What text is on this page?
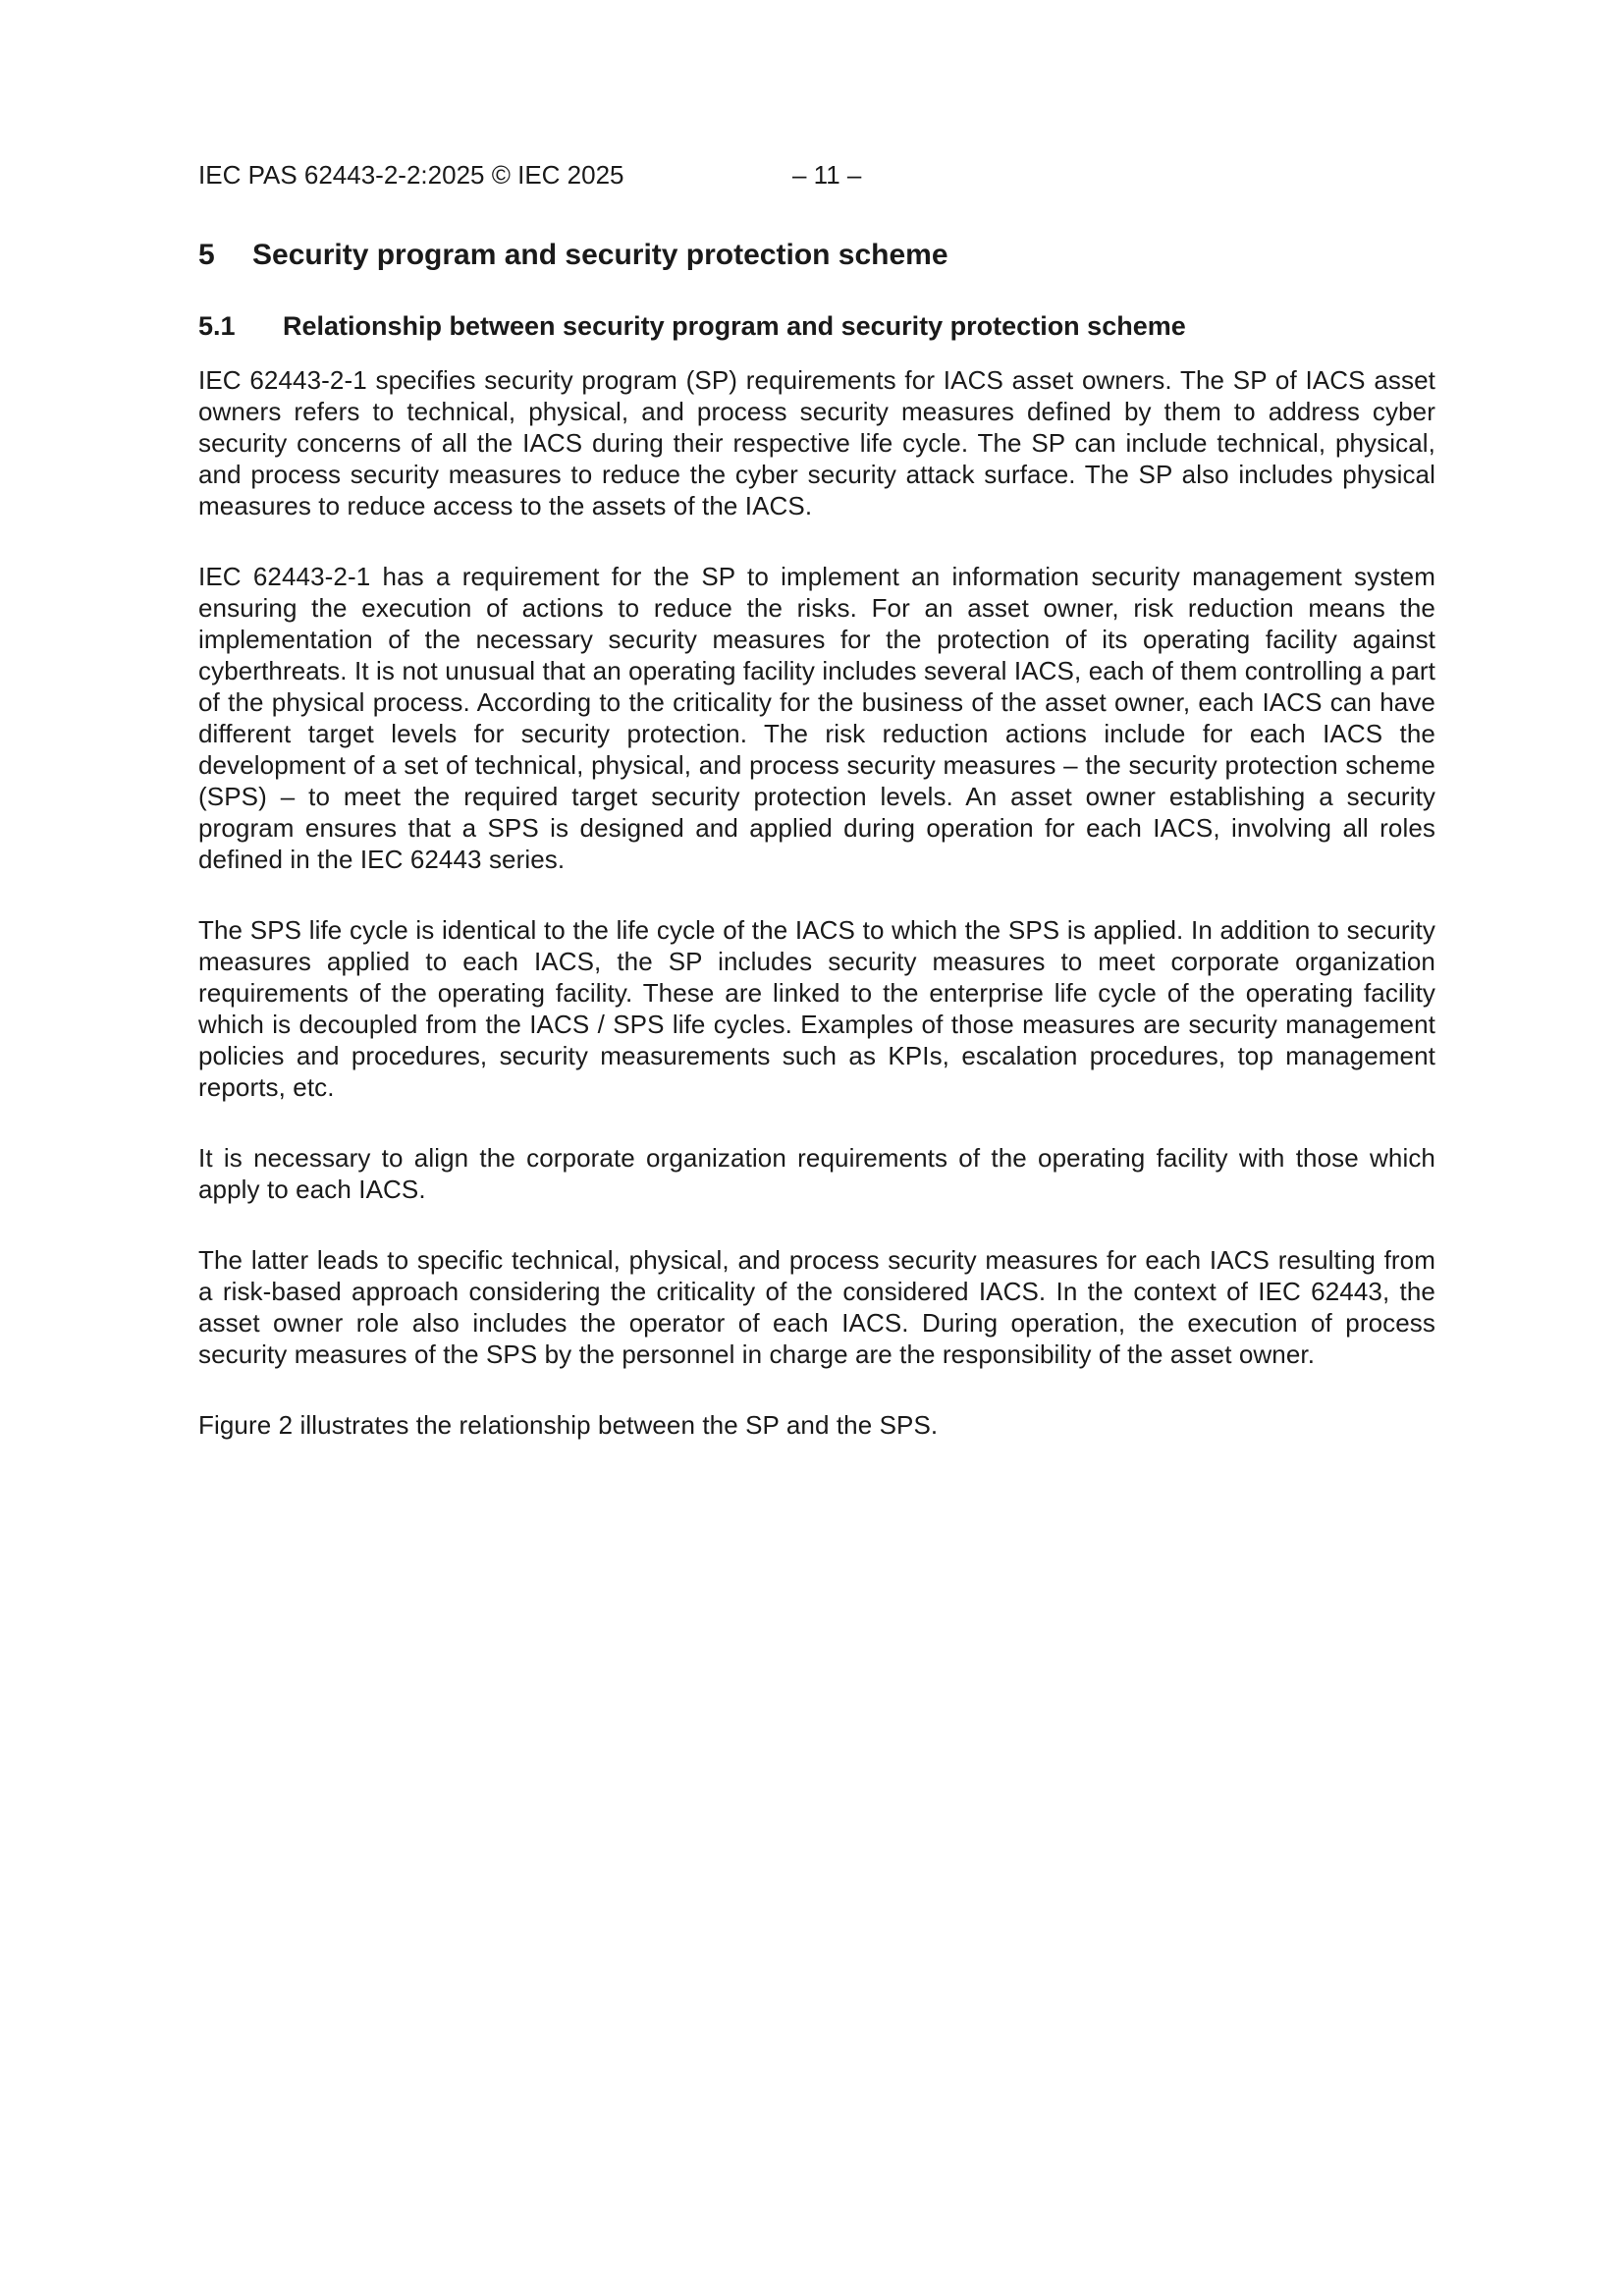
IEC PAS 62443-2-2:2025 © IEC 2025	– 11 –
5 Security program and security protection scheme
5.1 Relationship between security program and security protection scheme

IEC 62443-2-1 specifies security program (SP) requirements for IACS asset owners. The SP of IACS asset owners refers to technical, physical, and process security measures defined by them to address cyber security concerns of all the IACS during their respective life cycle. The SP can include technical, physical, and process security measures to reduce the cyber security attack surface. The SP also includes physical measures to reduce access to the assets of the IACS.

IEC 62443-2-1 has a requirement for the SP to implement an information security management system ensuring the execution of actions to reduce the risks. For an asset owner, risk reduction means the implementation of the necessary security measures for the protection of its operating facility against cyberthreats. It is not unusual that an operating facility includes several IACS, each of them controlling a part of the physical process. According to the criticality for the business of the asset owner, each IACS can have different target levels for security protection. The risk reduction actions include for each IACS the development of a set of technical, physical, and process security measures – the security protection scheme (SPS) – to meet the required target security protection levels. An asset owner establishing a security program ensures that a SPS is designed and applied during operation for each IACS, involving all roles defined in the IEC 62443 series.

The SPS life cycle is identical to the life cycle of the IACS to which the SPS is applied. In addition to security measures applied to each IACS, the SP includes security measures to meet corporate organization requirements of the operating facility. These are linked to the enterprise life cycle of the operating facility which is decoupled from the IACS / SPS life cycles. Examples of those measures are security management policies and procedures, security measurements such as KPIs, escalation procedures, top management reports, etc.

It is necessary to align the corporate organization requirements of the operating facility with those which apply to each IACS.

The latter leads to specific technical, physical, and process security measures for each IACS resulting from a risk-based approach considering the criticality of the considered IACS. In the context of IEC 62443, the asset owner role also includes the operator of each IACS. During operation, the execution of process security measures of the SPS by the personnel in charge are the responsibility of the asset owner.

Figure 2 illustrates the relationship between the SP and the SPS.
